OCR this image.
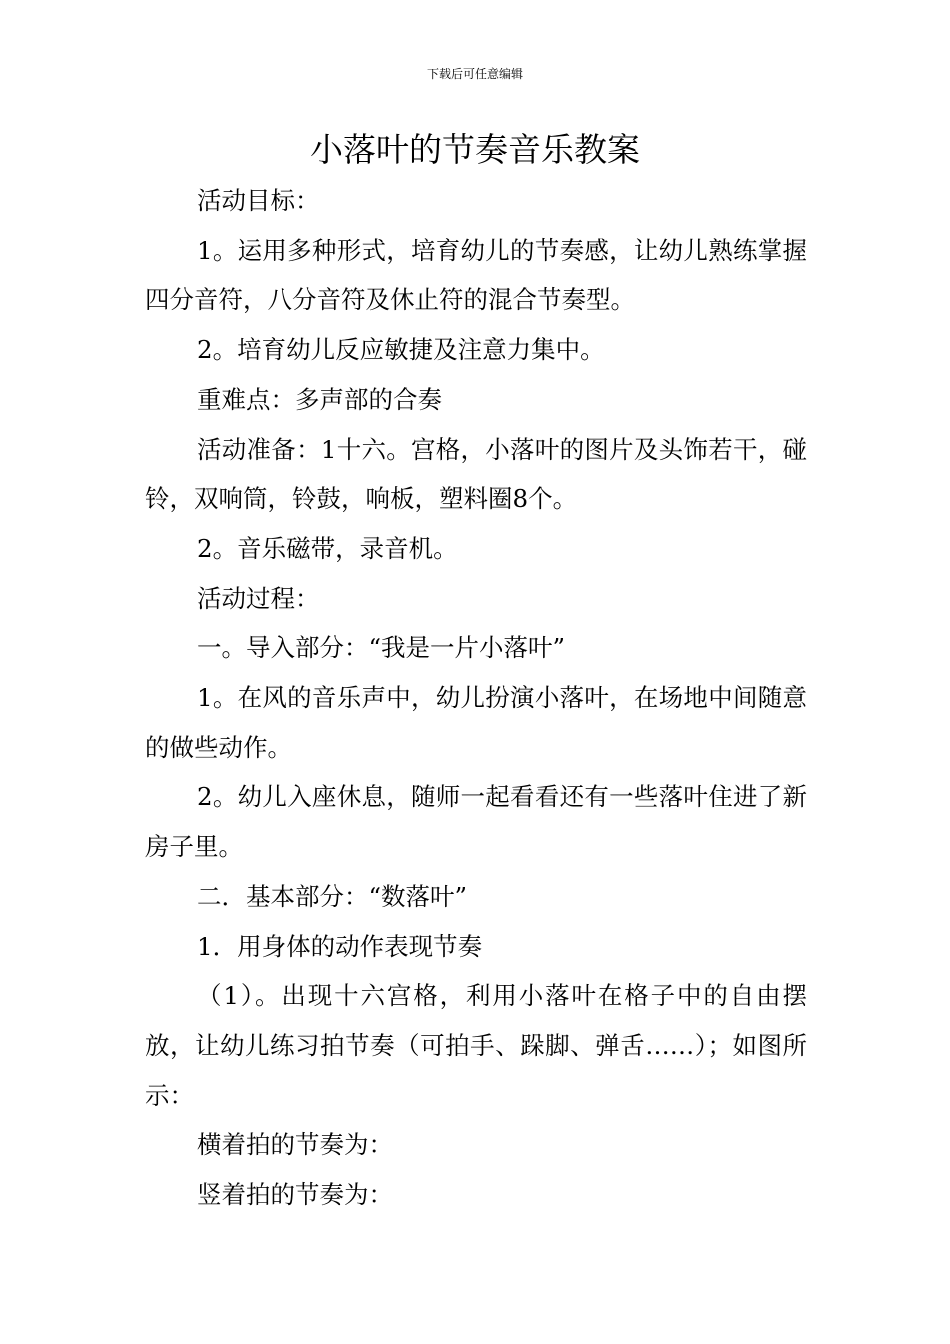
下载后可任意编辑
小落叶的节奏音乐教案

活动目标：

1。运用多种形式，培育幼儿的节奏感，让幼儿熟练掌握四分音符，八分音符及休止符的混合节奏型。

2。培育幼儿反应敏捷及注意力集中。

重难点：多声部的合奏

活动准备：1十六。宫格，小落叶的图片及头饰若干，碰铃，双响筒，铃鼓，响板，塑料圈8个。

2。音乐磁带，录音机。

活动过程：

一。导入部分：“我是一片小落叶”

1。在风的音乐声中，幼儿扮演小落叶，在场地中间随意的做些动作。

2。幼儿入座休息，随师一起看看还有一些落叶住进了新房子里。

二．基本部分：“数落叶”

1．用身体的动作表现节奏

（1）。出现十六宫格，利用小落叶在格子中的自由摆放，让幼儿练习拍节奏（可拍手、跺脚、弹舌……）；如图所示：

横着拍的节奏为：

竖着拍的节奏为：
